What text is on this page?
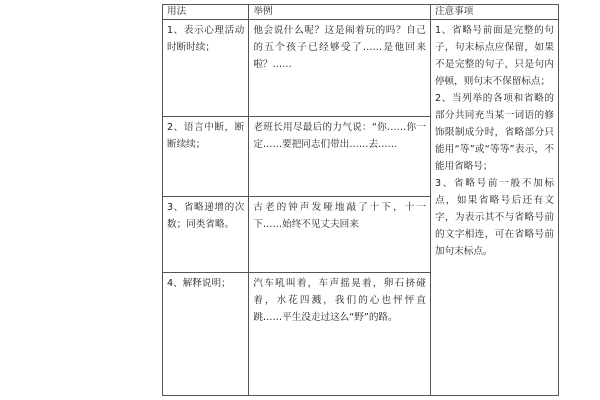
用法	举例	注意事项

1、表示心理活动时断时续；	他会说什么呢？这是闹着玩的吗？自己的五个孩子已经够受了……是他回来啦？……	1、省略号前面是完整的句子，句末标点应保留，如果不是完整的句子，只是句内停顿，则句末不保留标点；

2、当列举的各项和省略的部分共同充当某一词语的修饰限制成分时，省略部分只能用“等”或“等等”表示，不能用省略号；

3、省略号前一般不加标点，如果省略号后还有文字，为表示其不与省略号前的文字相连，可在省略号前加句末标点。

2、语言中断，断断续续；	老班长用尽最后的力气说：“你……你一定……要把同志们带出……去……	

3、省略递增的次数；同类省略。	古老的钟声发哑地敲了十下，十一下……始终不见丈夫回来	

4、解释说明；	汽车吼叫着，车声摇晃着，卵石挤碰着，水花四溅，我们的心也怦怦直跳……平生没走过这么“野”的路。	
